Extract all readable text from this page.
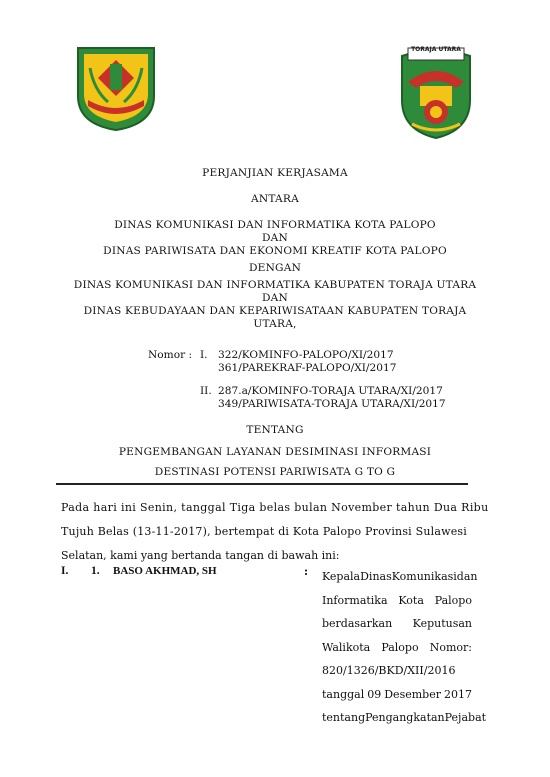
TORAJA UTARA
PERJANJIAN KERJASAMA
ANTARA
DINAS KOMUNIKASI DAN INFORMATIKA KOTA PALOPO
DAN
DINAS PARIWISATA DAN EKONOMI KREATIF KOTA PALOPO
DENGAN
DINAS KOMUNIKASI DAN INFORMATIKA KABUPATEN TORAJA UTARA
DAN
DINAS KEBUDAYAAN DAN KEPARIWISATAAN KABUPATEN TORAJA
UTARA,
Nomor : I. 322/KOMINFO-PALOPO/XI/2017
361/PAREKRAF-PALOPO/XI/2017
II. 287.a/KOMINFO-TORAJA UTARA/XI/2017
349/PARIWISATA-TORAJA UTARA/XI/2017
TENTANG
PENGEMBANGAN LAYANAN DESIMINASI INFORMASI
DESTINASI POTENSI PARIWISATA G TO G
Pada hari ini Senin, tanggal Tiga belas bulan November tahun Dua Ribu
Tujuh Belas (13-11-2017), bertempat di Kota Palopo Provinsi Sulawesi
Selatan, kami yang bertanda tangan di bawah ini:
I. 1. BASO AKHMAD, SH	: Kepala Dinas Komunikasi dan
Informatika Kota Palopo
berdasarkan Keputusan
Walikota Palopo Nomor:
820/1326/BKD/XII/2016
tanggal 09 Desember 2017
tentang Pengangkatan Pejabat
